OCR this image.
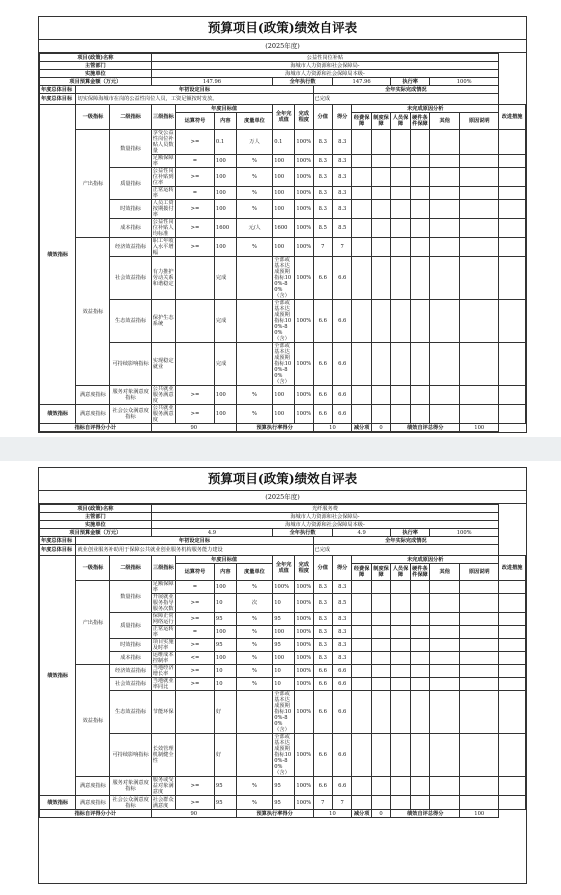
预算项目(政策)绩效自评表
(2025年度)
项目(政策)名称			公益性岗位补贴														
主管部门			海城市人力资源和社会保障局-														
实施单位			海城市人力资源和社会保障局本级-														
项目预算金额（万元）			147.96				全年执行数			147.96			执行率		100%		
年度总体目标	年初设定目标								全年实际完成情况								
年度总体目标	切实保障海城市在岗的公益性岗位人员，工资足额按时发放。								已完成								
绩效指标	一级指标	二级指标	三级指标	年度目标值			全年完成值	完成程度	分值	得分	未完成原因分析						改进措施
				运算符号	内容	度量单位					经费保障	制度保障	人员保障	硬件条件保障	其他	原因说明	
	产出指标	数量指标	享受公益性岗位补贴人员数量	>=	0.1	万人	0.1	100%	8.3	8.3							
			足额保障率	=	100	%	100	100%	8.3	8.3							
		质量指标	公益性岗位补贴到位率	>=	100	%	100	100%	8.3	8.3							
			正常运转率	=	100	%	100	100%	8.3	8.3							
		时效指标	人员工资按期拨付率	>=	100	%	100	100%	8.3	8.3							
		成本指标	公益性岗位补贴人均标准	>=	1600	元/人	1600	100%	8.5	8.5							
	效益指标	经济效益指标	职工年收入水平增幅	>=	100	%	100	100%	7	7							
		社会效益指标	有力推护劳动关系和谐稳定		完成		全部或基本达成预期指标100%-80%（含）	100%	6.6	6.6							
		生态效益指标	保护生态系统		完成		全部或基本达成预期指标100%-80%（含）	100%	6.6	6.6							
		可持续影响指标	实现稳定就业		完成		全部或基本达成预期指标100%-80%（含）	100%	6.6	6.6							
	满意度指标	服务对象满意度指标	公共就业服务满意度	>=	100	%	100	100%	6.6	6.6							
绩效指标	满意度指标	社会公众满意度指标	公共就业服务满意度	>=	100	%	100	100%	6.6	6.6							
指标自评得分小计			90			预算执行率得分			10		减分项	0	绩效自评总得分			100	
预算项目(政策)绩效自评表
(2025年度)
项目(政策)名称			光纤服务费														
主管部门			海城市人力资源和社会保障局-														
实施单位			海城市人力资源和社会保障局本级-														
项目预算金额（万元）			4.9				全年执行数			4.9			执行率		100%		
年度总体目标	年初设定目标								全年实际完成情况								
年度总体目标	就业创业服务补助用于保障公共就业创业服务机构服务能力建设								已完成								
绩效指标	一级指标	二级指标	三级指标	年度目标值			全年完成值	完成程度	分值	得分	未完成原因分析						改进措施
				运算符号	内容	度量单位					经费保障	制度保障	人员保障	硬件条件保障	其他	原因说明	
	产出指标	数量指标	足额保障率	=	100	%	100%	100%	8.3	8.3							
			开展就业服务指导服务次数	>=	10	次	10	100%	8.3	8.5							
		质量指标	保障正常网络运行	>=	95	%	95	100%	8.3	8.3							
			正常运转率	=	100	%	100	100%	8.3	8.3							
		时效指标	项目实施及时率	>=	95	%	95	100%	8.3	8.3							
		成本指标	运维成本控制率	<=	100	%	100	100%	8.3	8.3							
	效益指标	经济效益指标	当地经济增长率	>=	10	%	10	100%	6.6	6.6							
		社会效益指标	当地就业率同比	>=	10	%	10	100%	6.6	6.6							
		生态效益指标	节能环保		好		全部或基本达成预期指标100%-80%（含）	100%	6.6	6.6							
		可持续影响指标	长效管理机制健全性		好		全部或基本达成预期指标100%-80%（含）	100%	6.6	6.6							
	满意度指标	服务对象满意度指标	服务或受益对象满意度	>=	95	%	95	100%	6.6	6.6							
绩效指标	满意度指标	社会公众满意度指标	社会群众满意度	>=	95	%	95	100%	7	7							
指标自评得分小计			90			预算执行率得分			10		减分项	0	绩效自评总得分			100	
